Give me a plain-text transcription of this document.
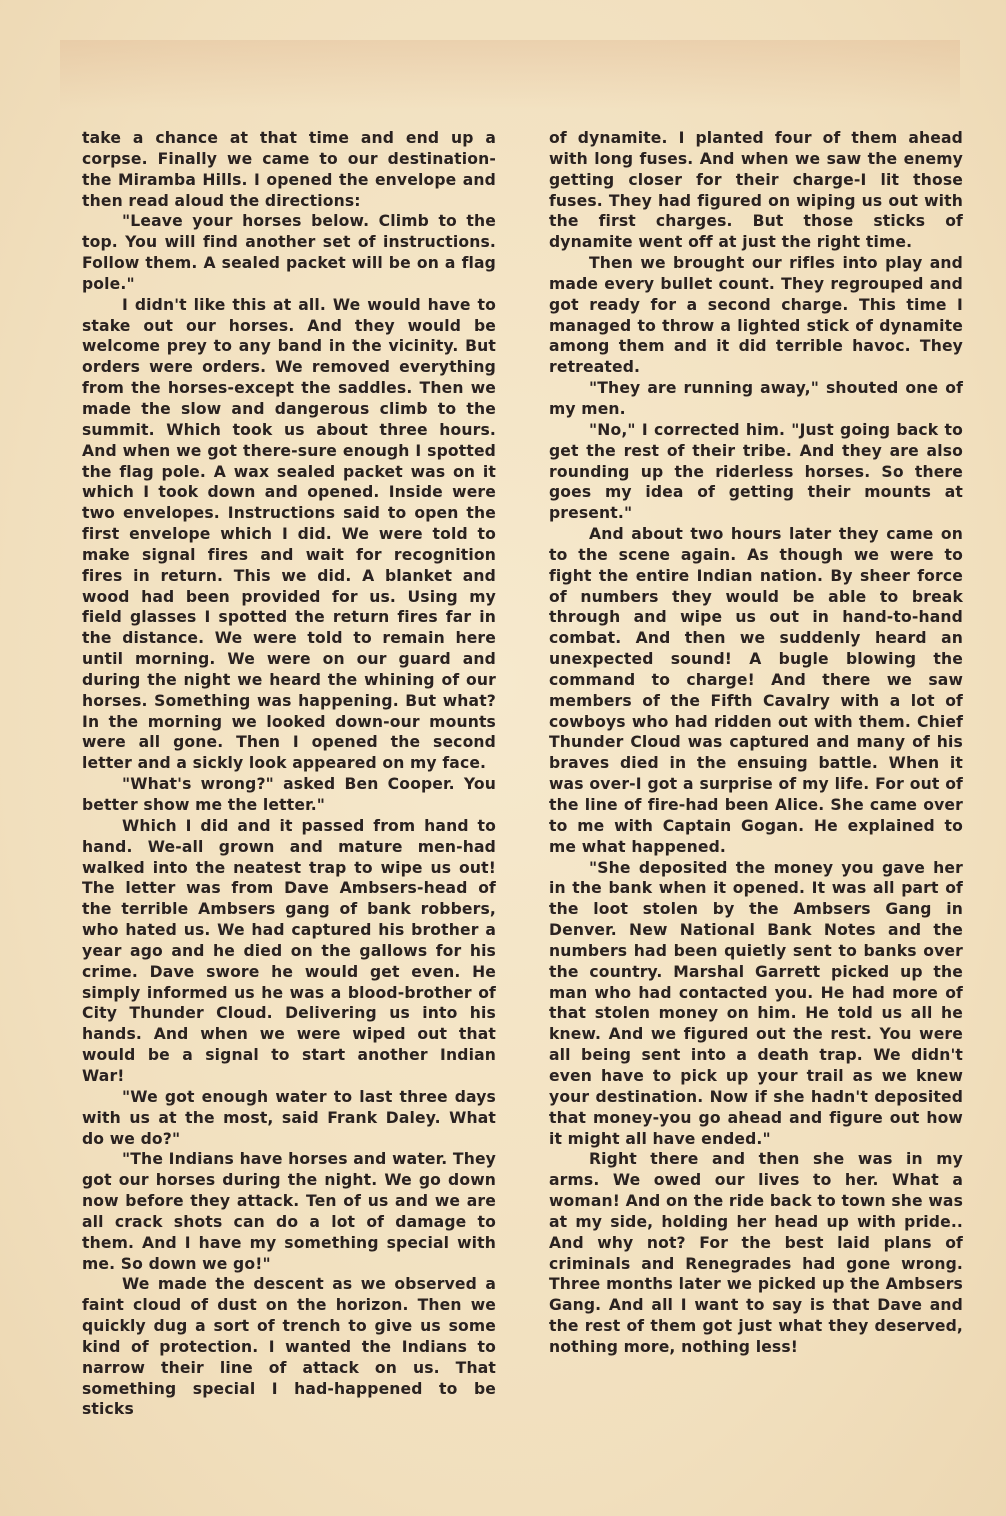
take a chance at that time and end up a corpse. Finally we came to our destination- the Miramba Hills. I opened the envelope and then read aloud the directions:

"Leave your horses below. Climb to the top. You will find another set of instructions. Follow them. A sealed packet will be on a flag pole."

I didn't like this at all. We would have to stake out our horses. And they would be welcome prey to any band in the vicinity. But orders were orders. We removed everything from the horses-except the saddles. Then we made the slow and dangerous climb to the summit. Which took us about three hours. And when we got there-sure enough I spotted the flag pole. A wax sealed packet was on it which I took down and opened. Inside were two envelopes. Instructions said to open the first envelope which I did. We were told to make signal fires and wait for recognition fires in return. This we did. A blanket and wood had been provided for us. Using my field glasses I spotted the return fires far in the distance. We were told to remain here until morning. We were on our guard and during the night we heard the whining of our horses. Something was happening. But what? In the morning we looked down-our mounts were all gone. Then I opened the second letter and a sickly look appeared on my face.

"What's wrong?" asked Ben Cooper. You better show me the letter."

Which I did and it passed from hand to hand. We-all grown and mature men-had walked into the neatest trap to wipe us out! The letter was from Dave Ambsers-head of the terrible Ambsers gang of bank robbers, who hated us. We had captured his brother a year ago and he died on the gallows for his crime. Dave swore he would get even. He simply informed us he was a blood-brother of City Thunder Cloud. Delivering us into his hands. And when we were wiped out that would be a signal to start another Indian War!

"We got enough water to last three days with us at the most, said Frank Daley. What do we do?"

"The Indians have horses and water. They got our horses during the night. We go down now before they attack. Ten of us and we are all crack shots can do a lot of damage to them. And I have my something special with me. So down we go!"

We made the descent as we observed a faint cloud of dust on the horizon. Then we quickly dug a sort of trench to give us some kind of protection. I wanted the Indians to narrow their line of attack on us. That something special I had-happened to be sticks

of dynamite. I planted four of them ahead with long fuses. And when we saw the enemy getting closer for their charge-I lit those fuses. They had figured on wiping us out with the first charges. But those sticks of dynamite went off at just the right time.

Then we brought our rifles into play and made every bullet count. They regrouped and got ready for a second charge. This time I managed to throw a lighted stick of dynamite among them and it did terrible havoc. They retreated.

"They are running away," shouted one of my men.

"No," I corrected him. "Just going back to get the rest of their tribe. And they are also rounding up the riderless horses. So there goes my idea of getting their mounts at present."

And about two hours later they came on to the scene again. As though we were to fight the entire Indian nation. By sheer force of numbers they would be able to break through and wipe us out in hand-to-hand combat. And then we suddenly heard an unexpected sound! A bugle blowing the command to charge! And there we saw members of the Fifth Cavalry with a lot of cowboys who had ridden out with them. Chief Thunder Cloud was captured and many of his braves died in the ensuing battle. When it was over-I got a surprise of my life. For out of the line of fire-had been Alice. She came over to me with Captain Gogan. He explained to me what happened.

"She deposited the money you gave her in the bank when it opened. It was all part of the loot stolen by the Ambsers Gang in Denver. New National Bank Notes and the numbers had been quietly sent to banks over the country. Marshal Garrett picked up the man who had contacted you. He had more of that stolen money on him. He told us all he knew. And we figured out the rest. You were all being sent into a death trap. We didn't even have to pick up your trail as we knew your destination. Now if she hadn't deposited that money-you go ahead and figure out how it might all have ended."

Right there and then she was in my arms. We owed our lives to her. What a woman! And on the ride back to town she was at my side, holding her head up with pride.. And why not? For the best laid plans of criminals and Renegrades had gone wrong. Three months later we picked up the Ambsers Gang. And all I want to say is that Dave and the rest of them got just what they deserved, nothing more, nothing less!
